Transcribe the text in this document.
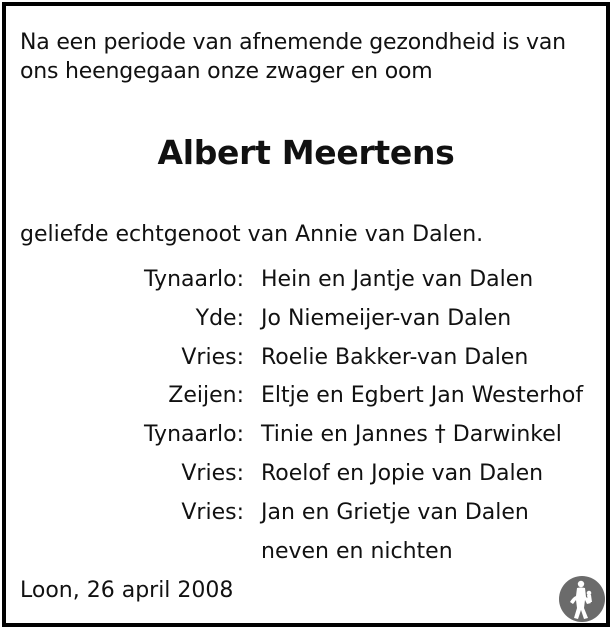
Na een periode van afnemende gezondheid is van
ons heengegaan onze zwager en oom
Albert Meertens
geliefde echtgenoot van Annie van Dalen.
Tynaarlo: Hein en Jantje van Dalen
Yde: Jo Niemeijer-van Dalen
Vries: Roelie Bakker-van Dalen
Zeijen: Eltje en Egbert Jan Westerhof
Tynaarlo: Tinie en Jannes † Darwinkel
Vries: Roelof en Jopie van Dalen
Vries: Jan en Grietje van Dalen
neven en nichten
Loon, 26 april 2008
